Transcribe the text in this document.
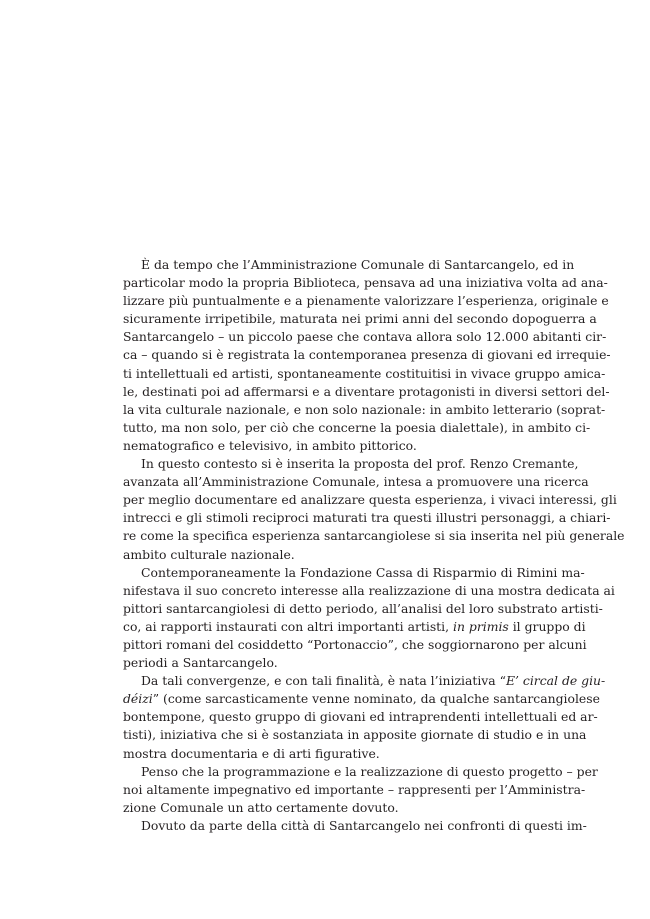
È da tempo che l’Amministrazione Comunale di Santarcangelo, ed in
particolar modo la propria Biblioteca, pensava ad una iniziativa volta ad ana-
lizzare più puntualmente e a pienamente valorizzare l’esperienza, originale e
sicuramente irripetibile, maturata nei primi anni del secondo dopoguerra a
Santarcangelo – un piccolo paese che contava allora solo 12.000 abitanti cir-
ca – quando si è registrata la contemporanea presenza di giovani ed irrequie-
ti intellettuali ed artisti, spontaneamente costituitisi in vivace gruppo amica-
le, destinati poi ad affermarsi e a diventare protagonisti in diversi settori del-
la vita culturale nazionale, e non solo nazionale: in ambito letterario (soprat-
tutto, ma non solo, per ciò che concerne la poesia dialettale), in ambito ci-
nematografico e televisivo, in ambito pittorico.
In questo contesto si è inserita la proposta del prof. Renzo Cremante,
avanzata all’Amministrazione Comunale, intesa a promuovere una ricerca
per meglio documentare ed analizzare questa esperienza, i vivaci interessi, gli
intrecci e gli stimoli reciproci maturati tra questi illustri personaggi, a chiari-
re come la specifica esperienza santarcangiolese si sia inserita nel più generale
ambito culturale nazionale.
Contemporaneamente la Fondazione Cassa di Risparmio di Rimini ma-
nifestava il suo concreto interesse alla realizzazione di una mostra dedicata ai
pittori santarcangiolesi di detto periodo, all’analisi del loro substrato artisti-
co, ai rapporti instaurati con altri importanti artisti, in primis il gruppo di
pittori romani del cosiddetto “Portonaccio”, che soggiornarono per alcuni
periodi a Santarcangelo.
Da tali convergenze, e con tali finalità, è nata l’iniziativa “E’ circal de giu-
déizi” (come sarcasticamente venne nominato, da qualche santarcangiolese
bontempone, questo gruppo di giovani ed intraprendenti intellettuali ed ar-
tisti), iniziativa che si è sostanziata in apposite giornate di studio e in una
mostra documentaria e di arti figurative.
Penso che la programmazione e la realizzazione di questo progetto – per
noi altamente impegnativo ed importante – rappresenti per l’Amministra-
zione Comunale un atto certamente dovuto.
Dovuto da parte della città di Santarcangelo nei confronti di questi im-
